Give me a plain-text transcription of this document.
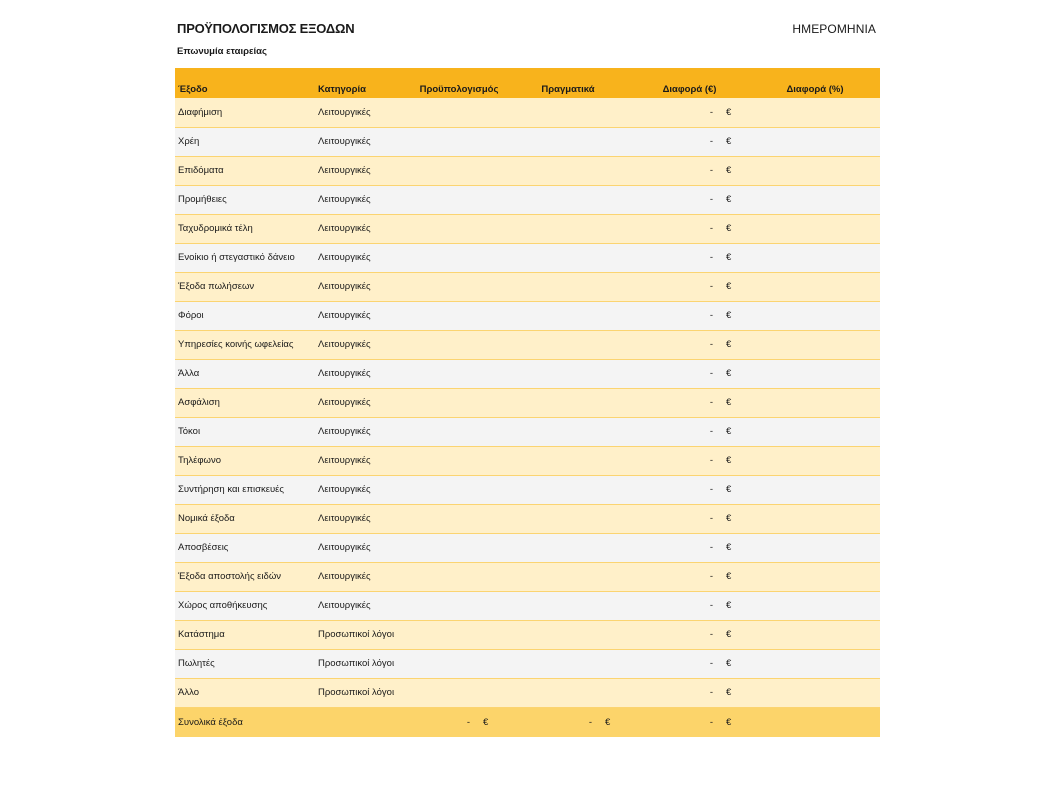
ΠΡΟΫΠΟΛΟΓΙΣΜΟΣ ΕΞΟΔΩΝ	ΗΜΕΡΟΜΗΝΙΑ
Επωνυμία εταιρείας
Έξοδο	Κατηγορία	Προϋπολογισμός		Πραγματικά		Διαφορά (€)		Διαφορά (%)
Διαφήμιση	Λειτουργικές					-	€	
Χρέη	Λειτουργικές					-	€	
Επιδόματα	Λειτουργικές					-	€	
Προμήθειες	Λειτουργικές					-	€	
Ταχυδρομικά τέλη	Λειτουργικές					-	€	
Ενοίκιο ή στεγαστικό δάνειο	Λειτουργικές					-	€	
Έξοδα πωλήσεων	Λειτουργικές					-	€	
Φόροι	Λειτουργικές					-	€	
Υπηρεσίες κοινής ωφελείας	Λειτουργικές					-	€	
Άλλα	Λειτουργικές					-	€	
Ασφάλιση	Λειτουργικές					-	€	
Τόκοι	Λειτουργικές					-	€	
Τηλέφωνο	Λειτουργικές					-	€	
Συντήρηση και επισκευές	Λειτουργικές					-	€	
Νομικά έξοδα	Λειτουργικές					-	€	
Αποσβέσεις	Λειτουργικές					-	€	
Έξοδα αποστολής ειδών	Λειτουργικές					-	€	
Χώρος αποθήκευσης	Λειτουργικές					-	€	
Κατάστημα	Προσωπικοί λόγοι					-	€	
Πωλητές	Προσωπικοί λόγοι					-	€	
Άλλο	Προσωπικοί λόγοι					-	€	
Συνολικά έξοδα		-	€	-	€	-	€	
